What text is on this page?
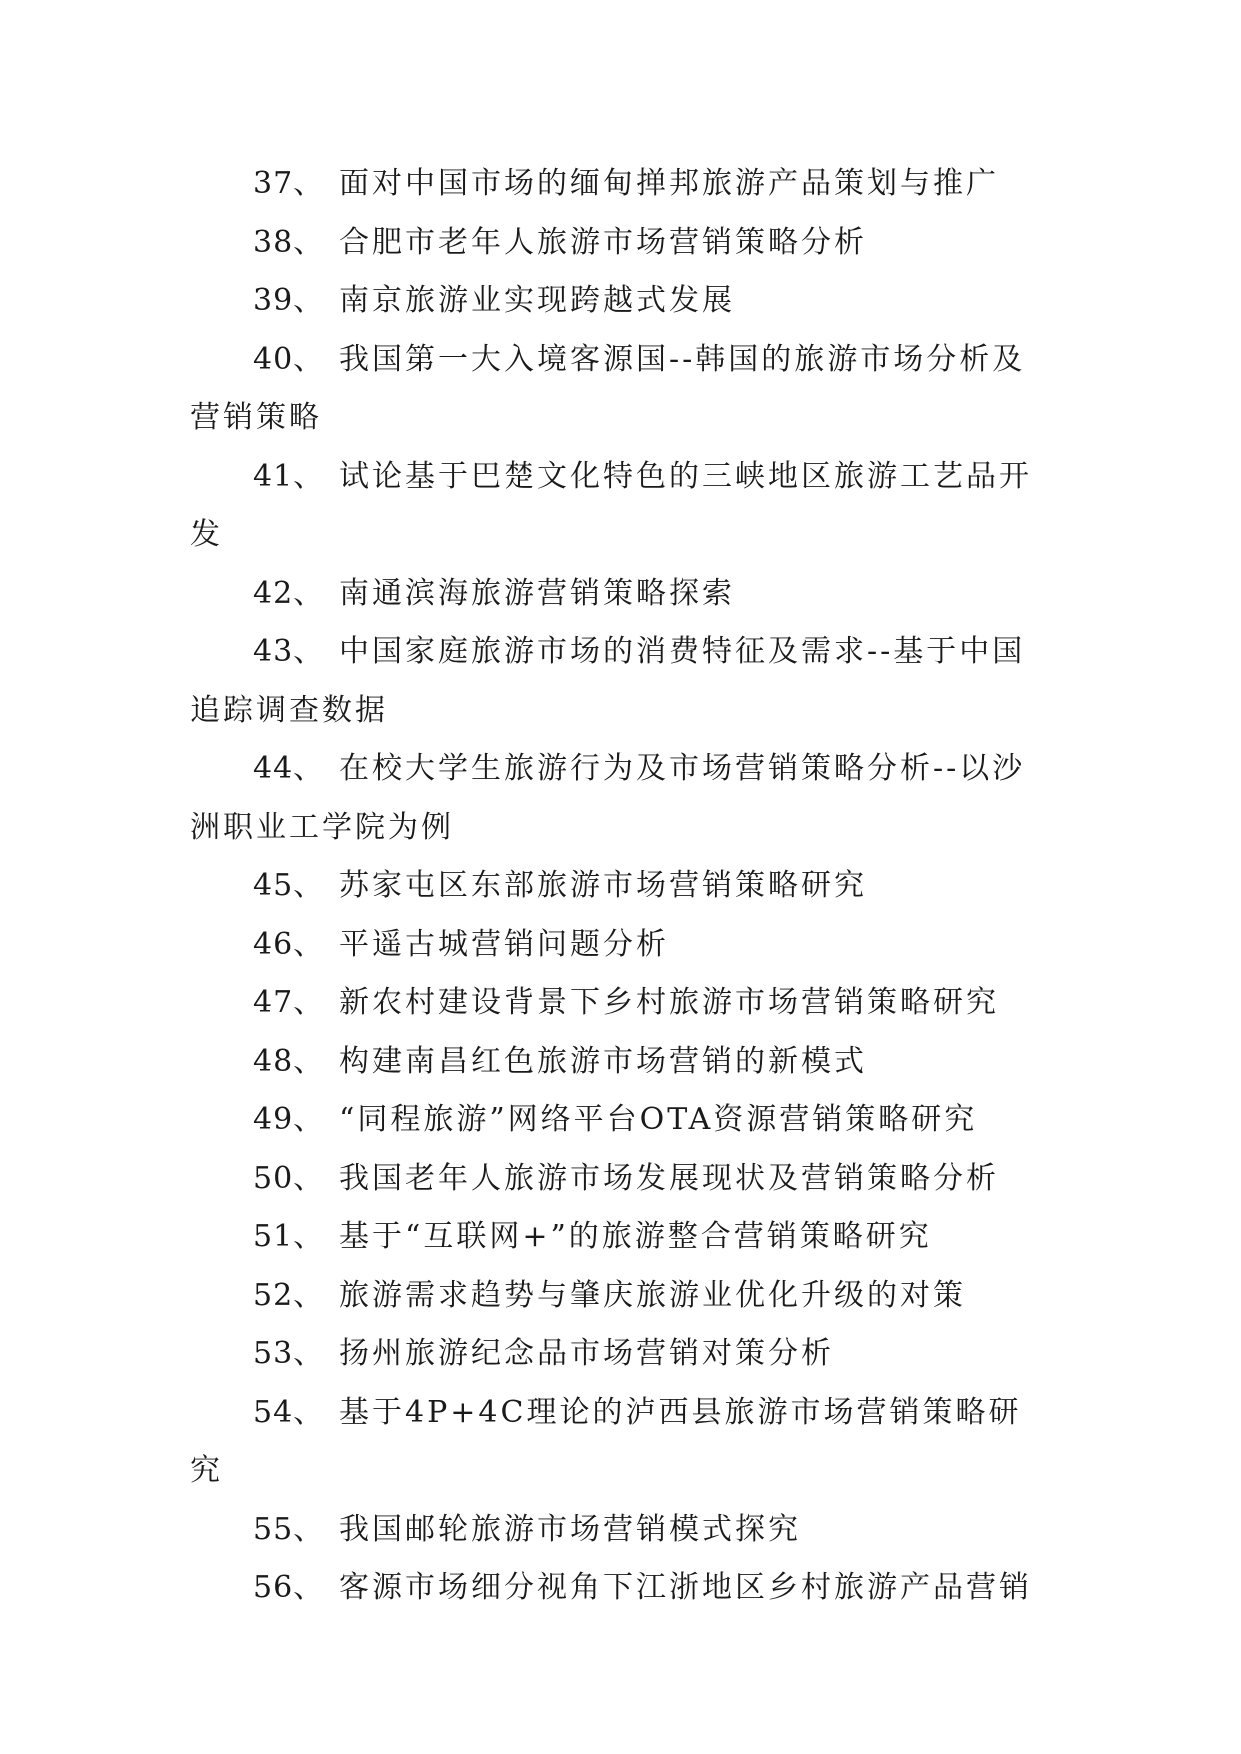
37、 面对中国市场的缅甸掸邦旅游产品策划与推广

38、 合肥市老年人旅游市场营销策略分析

39、 南京旅游业实现跨越式发展

40、 我国第一大入境客源国--韩国的旅游市场分析及营销策略

41、 试论基于巴楚文化特色的三峡地区旅游工艺品开发

42、 南通滨海旅游营销策略探索

43、 中国家庭旅游市场的消费特征及需求--基于中国追踪调查数据

44、 在校大学生旅游行为及市场营销策略分析--以沙洲职业工学院为例

45、 苏家屯区东部旅游市场营销策略研究

46、 平遥古城营销问题分析

47、 新农村建设背景下乡村旅游市场营销策略研究

48、 构建南昌红色旅游市场营销的新模式

49、 “同程旅游”网络平台OTA资源营销策略研究

50、 我国老年人旅游市场发展现状及营销策略分析

51、 基于“互联网+”的旅游整合营销策略研究

52、 旅游需求趋势与肇庆旅游业优化升级的对策

53、 扬州旅游纪念品市场营销对策分析

54、 基于4P+4C理论的泸西县旅游市场营销策略研究

55、 我国邮轮旅游市场营销模式探究

56、 客源市场细分视角下江浙地区乡村旅游产品营销
